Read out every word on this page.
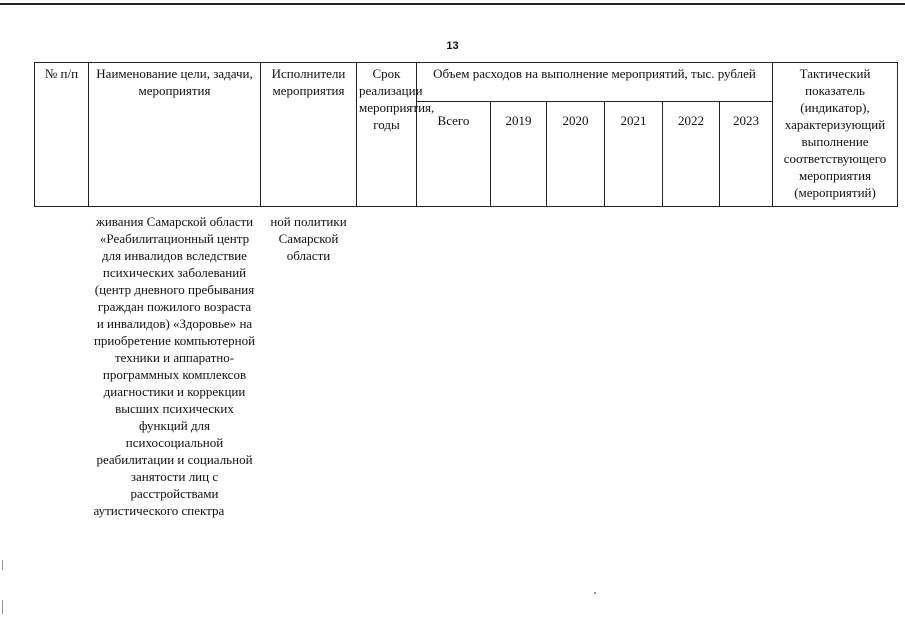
13
№ п/п	Наименование цели, задачи, мероприятия	Исполнители мероприятия	Срок реализации мероприятия, годы	Объем расходов на выполнение мероприятий, тыс. рублей						Тактический показатель (индикатор), характеризующий выполнение соответствующего мероприятия (мероприятий)
				Всего	2019	2020	2021	2022	2023	
	живания Самарской области «Реабилитационный центр для инвалидов вследствие психических заболеваний (центр дневного пребывания граждан пожилого возраста и инвалидов) «Здоровье» на приобретение компьютерной техники и аппаратно-программных комплексов диагностики и коррекции высших психических функций для психосоциальной реабилитации и социальной занятости лиц с расстройствами аутистического спектра	ной политики Самарской области								
